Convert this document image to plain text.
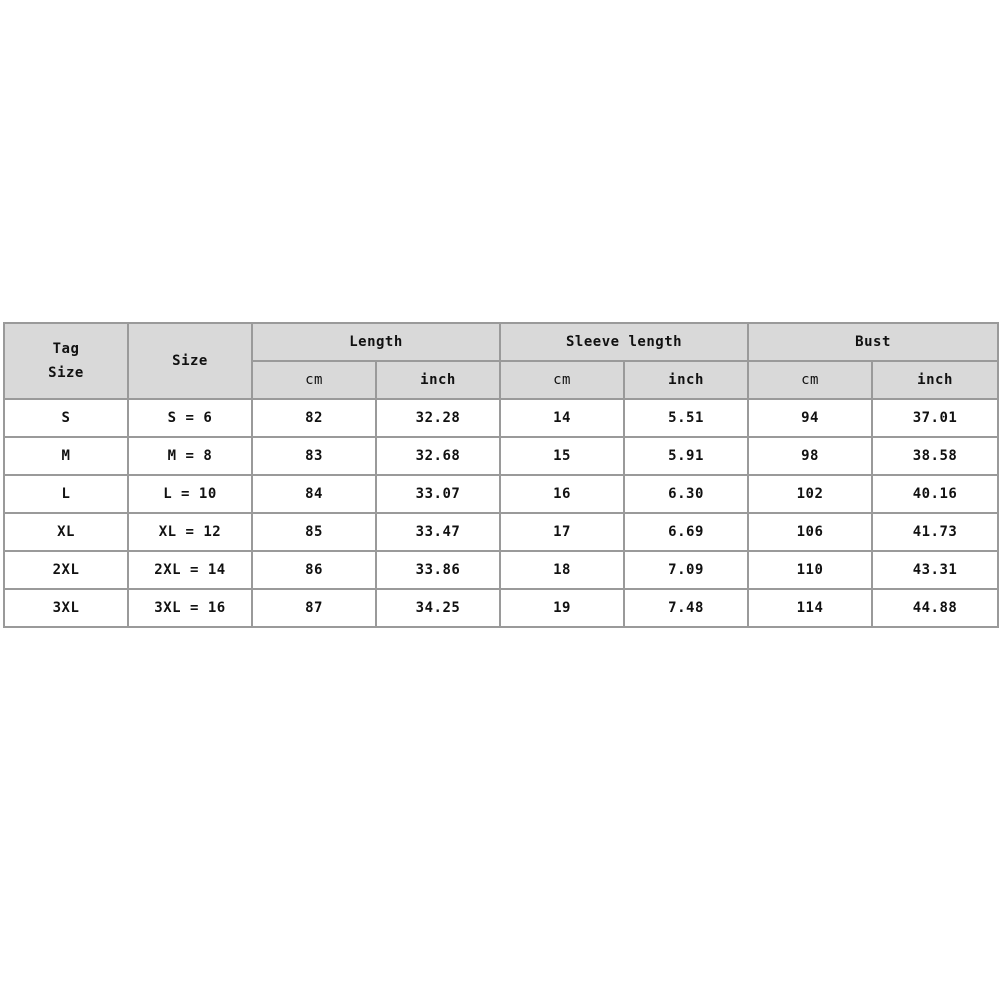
Tag
Size	Size	Length		Sleeve length		Bust	
		cm	inch	cm	inch	cm	inch
S	S = 6	82	32.28	14	5.51	94	37.01
M	M = 8	83	32.68	15	5.91	98	38.58
L	L = 10	84	33.07	16	6.30	102	40.16
XL	XL = 12	85	33.47	17	6.69	106	41.73
2XL	2XL = 14	86	33.86	18	7.09	110	43.31
3XL	3XL = 16	87	34.25	19	7.48	114	44.88
